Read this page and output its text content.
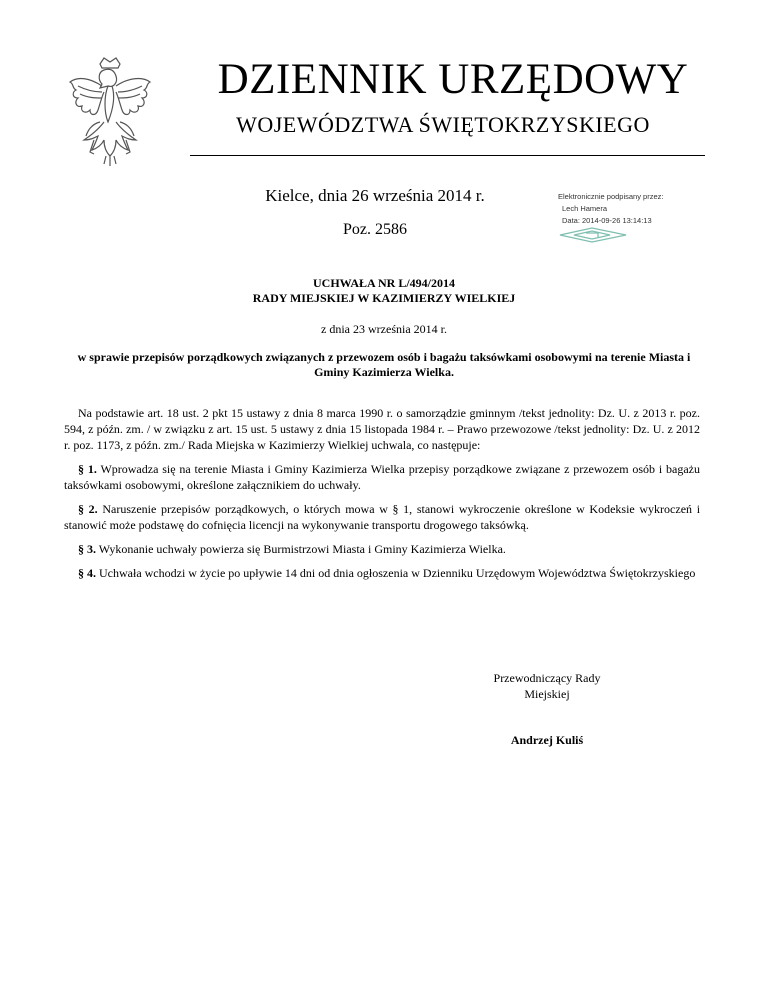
DZIENNIK URZĘDOWY
WOJEWÓDZTWA ŚWIĘTOKRZYSKIEGO
Kielce, dnia 26 września 2014 r.
Poz. 2586
Elektronicznie podpisany przez:
Lech Hamera
Data: 2014-09-26 13:14:13
UCHWAŁA NR L/494/2014
RADY MIEJSKIEJ W KAZIMIERZY WIELKIEJ
z dnia 23 września 2014 r.
w sprawie przepisów porządkowych związanych z przewozem osób i bagażu taksówkami osobowymi na terenie Miasta i Gminy Kazimierza Wielka.

Na podstawie art. 18 ust. 2 pkt 15 ustawy z dnia 8 marca 1990 r. o samorządzie gminnym /tekst jednolity: Dz. U. z 2013 r. poz. 594, z późn. zm. / w związku z art. 15 ust. 5 ustawy z dnia 15 listopada 1984 r. – Prawo przewozowe /tekst jednolity: Dz. U. z 2012 r. poz. 1173, z późn. zm./ Rada Miejska w Kazimierzy Wielkiej uchwala, co następuje:

§ 1. Wprowadza się na terenie Miasta i Gminy Kazimierza Wielka przepisy porządkowe związane z przewozem osób i bagażu taksówkami osobowymi, określone załącznikiem do uchwały.

§ 2. Naruszenie przepisów porządkowych, o których mowa w § 1, stanowi wykroczenie określone w Kodeksie wykroczeń i stanowić może podstawę do cofnięcia licencji na wykonywanie transportu drogowego taksówką.

§ 3. Wykonanie uchwały powierza się Burmistrzowi Miasta i Gminy Kazimierza Wielka.

§ 4. Uchwała wchodzi w życie po upływie 14 dni od dnia ogłoszenia w Dzienniku Urzędowym Województwa Świętokrzyskiego

Przewodniczący Rady
Miejskiej
Andrzej Kuliś
